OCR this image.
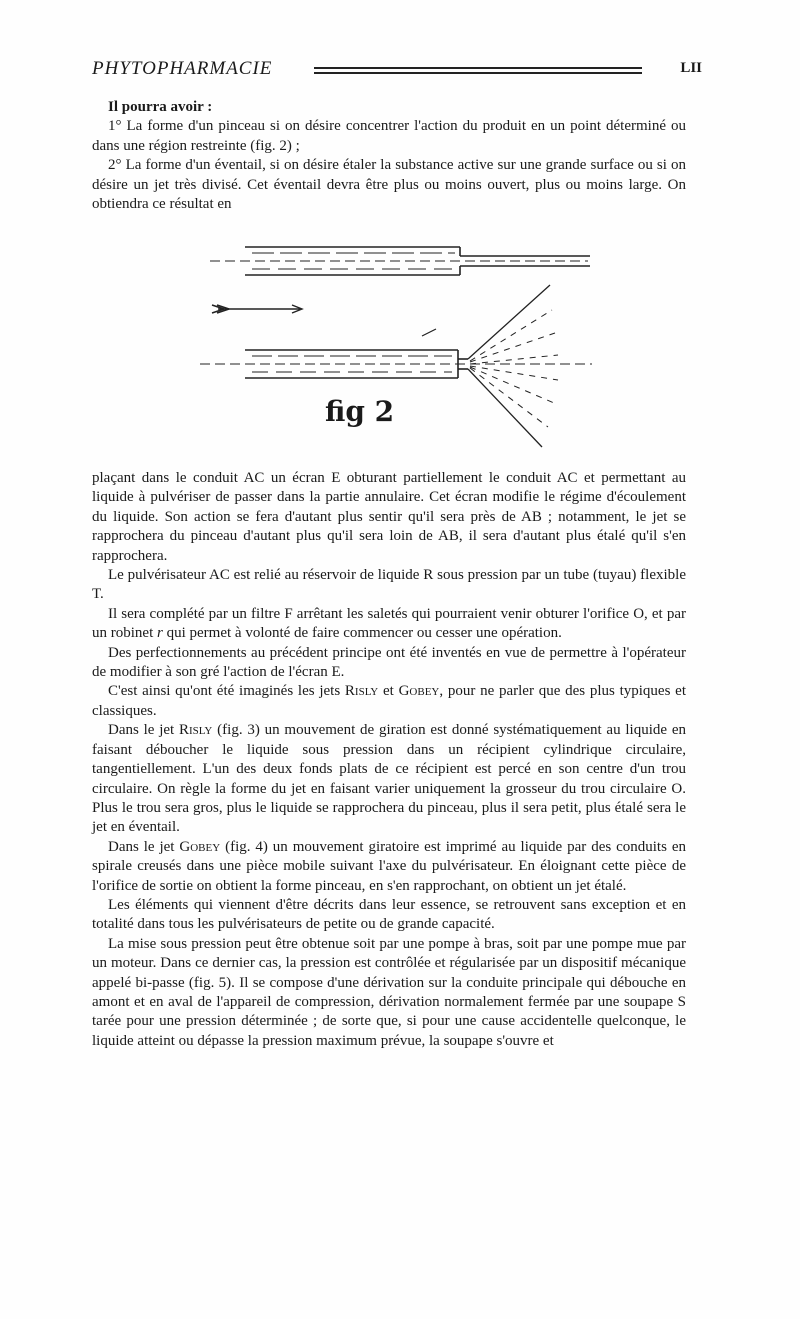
PHYTOPHARMACIE	LII

Il pourra avoir :

1° La forme d'un pinceau si on désire concentrer l'action du produit en un point déterminé ou dans une région restreinte (fig. 2) ;

2° La forme d'un éventail, si on désire étaler la substance active sur une grande surface ou si on désire un jet très divisé. Cet éventail devra être plus ou moins ouvert, plus ou moins large. On obtiendra ce résultat en

fig 2

plaçant dans le conduit AC un écran E obturant partiellement le conduit AC et permettant au liquide à pulvériser de passer dans la partie annulaire. Cet écran modifie le régime d'écoulement du liquide. Son action se fera d'autant plus sentir qu'il sera près de AB ; notamment, le jet se rapprochera du pinceau d'autant plus qu'il sera loin de AB, il sera d'autant plus étalé qu'il s'en rapprochera.

Le pulvérisateur AC est relié au réservoir de liquide R sous pression par un tube (tuyau) flexible T.

Il sera complété par un filtre F arrêtant les saletés qui pourraient venir obturer l'orifice O, et par un robinet r qui permet à volonté de faire commencer ou cesser une opération.

Des perfectionnements au précédent principe ont été inventés en vue de permettre à l'opérateur de modifier à son gré l'action de l'écran E.

C'est ainsi qu'ont été imaginés les jets Risly et Gobey, pour ne parler que des plus typiques et classiques.

Dans le jet Risly (fig. 3) un mouvement de giration est donné systématiquement au liquide en faisant déboucher le liquide sous pression dans un récipient cylindrique circulaire, tangentiellement. L'un des deux fonds plats de ce récipient est percé en son centre d'un trou circulaire. On règle la forme du jet en faisant varier uniquement la grosseur du trou circulaire O. Plus le trou sera gros, plus le liquide se rapprochera du pinceau, plus il sera petit, plus étalé sera le jet en éventail.

Dans le jet Gobey (fig. 4) un mouvement giratoire est imprimé au liquide par des conduits en spirale creusés dans une pièce mobile suivant l'axe du pulvérisateur. En éloignant cette pièce de l'orifice de sortie on obtient la forme pinceau, en s'en rapprochant, on obtient un jet étalé.

Les éléments qui viennent d'être décrits dans leur essence, se retrouvent sans exception et en totalité dans tous les pulvérisateurs de petite ou de grande capacité.

La mise sous pression peut être obtenue soit par une pompe à bras, soit par une pompe mue par un moteur. Dans ce dernier cas, la pression est contrôlée et régularisée par un dispositif mécanique appelé bi-passe (fig. 5). Il se compose d'une dérivation sur la conduite principale qui débouche en amont et en aval de l'appareil de compression, dérivation normalement fermée par une soupape S tarée pour une pression déterminée ; de sorte que, si pour une cause accidentelle quelconque, le liquide atteint ou dépasse la pression maximum prévue, la soupape s'ouvre et
